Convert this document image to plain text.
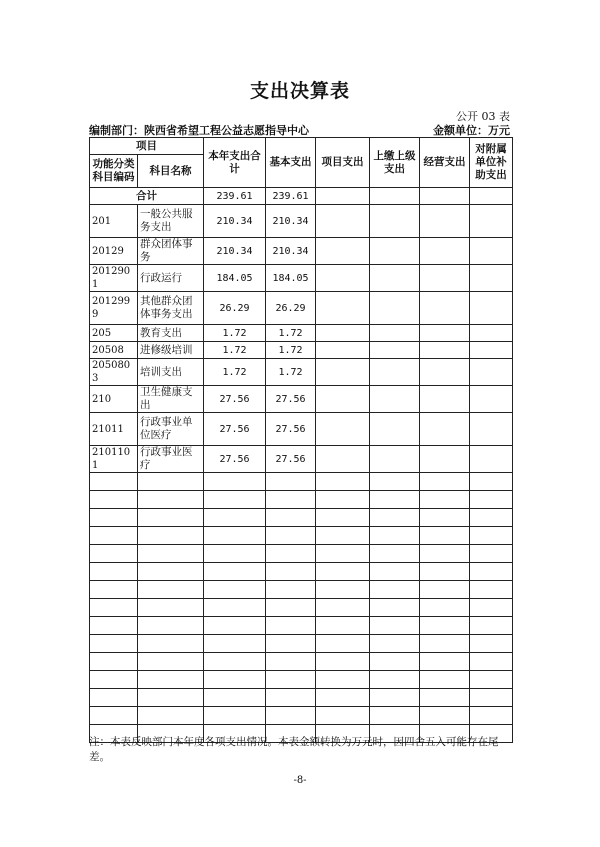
支出决算表
公开 03 表
编制部门：陕西省希望工程公益志愿指导中心	金额单位：万元
项目		本年支出合计	基本支出	项目支出	上缴上级支出	经营支出	对附属单位补助支出
功能分类科目编码	科目名称						
合计		239.61	239.61				
201	一般公共服务支出	210.34	210.34				
20129	群众团体事务	210.34	210.34				
2012901	行政运行	184.05	184.05				
2012999	其他群众团体事务支出	26.29	26.29				
205	教育支出	1.72	1.72				
20508	进修级培训	1.72	1.72				
2050803	培训支出	1.72	1.72				
210	卫生健康支出	27.56	27.56				
21011	行政事业单位医疗	27.56	27.56				
2101101	行政事业医疗	27.56	27.56				

注：本表反映部门本年度各项支出情况。本表金额转换为万元时，因四舍五入可能存在尾差。
-8-
